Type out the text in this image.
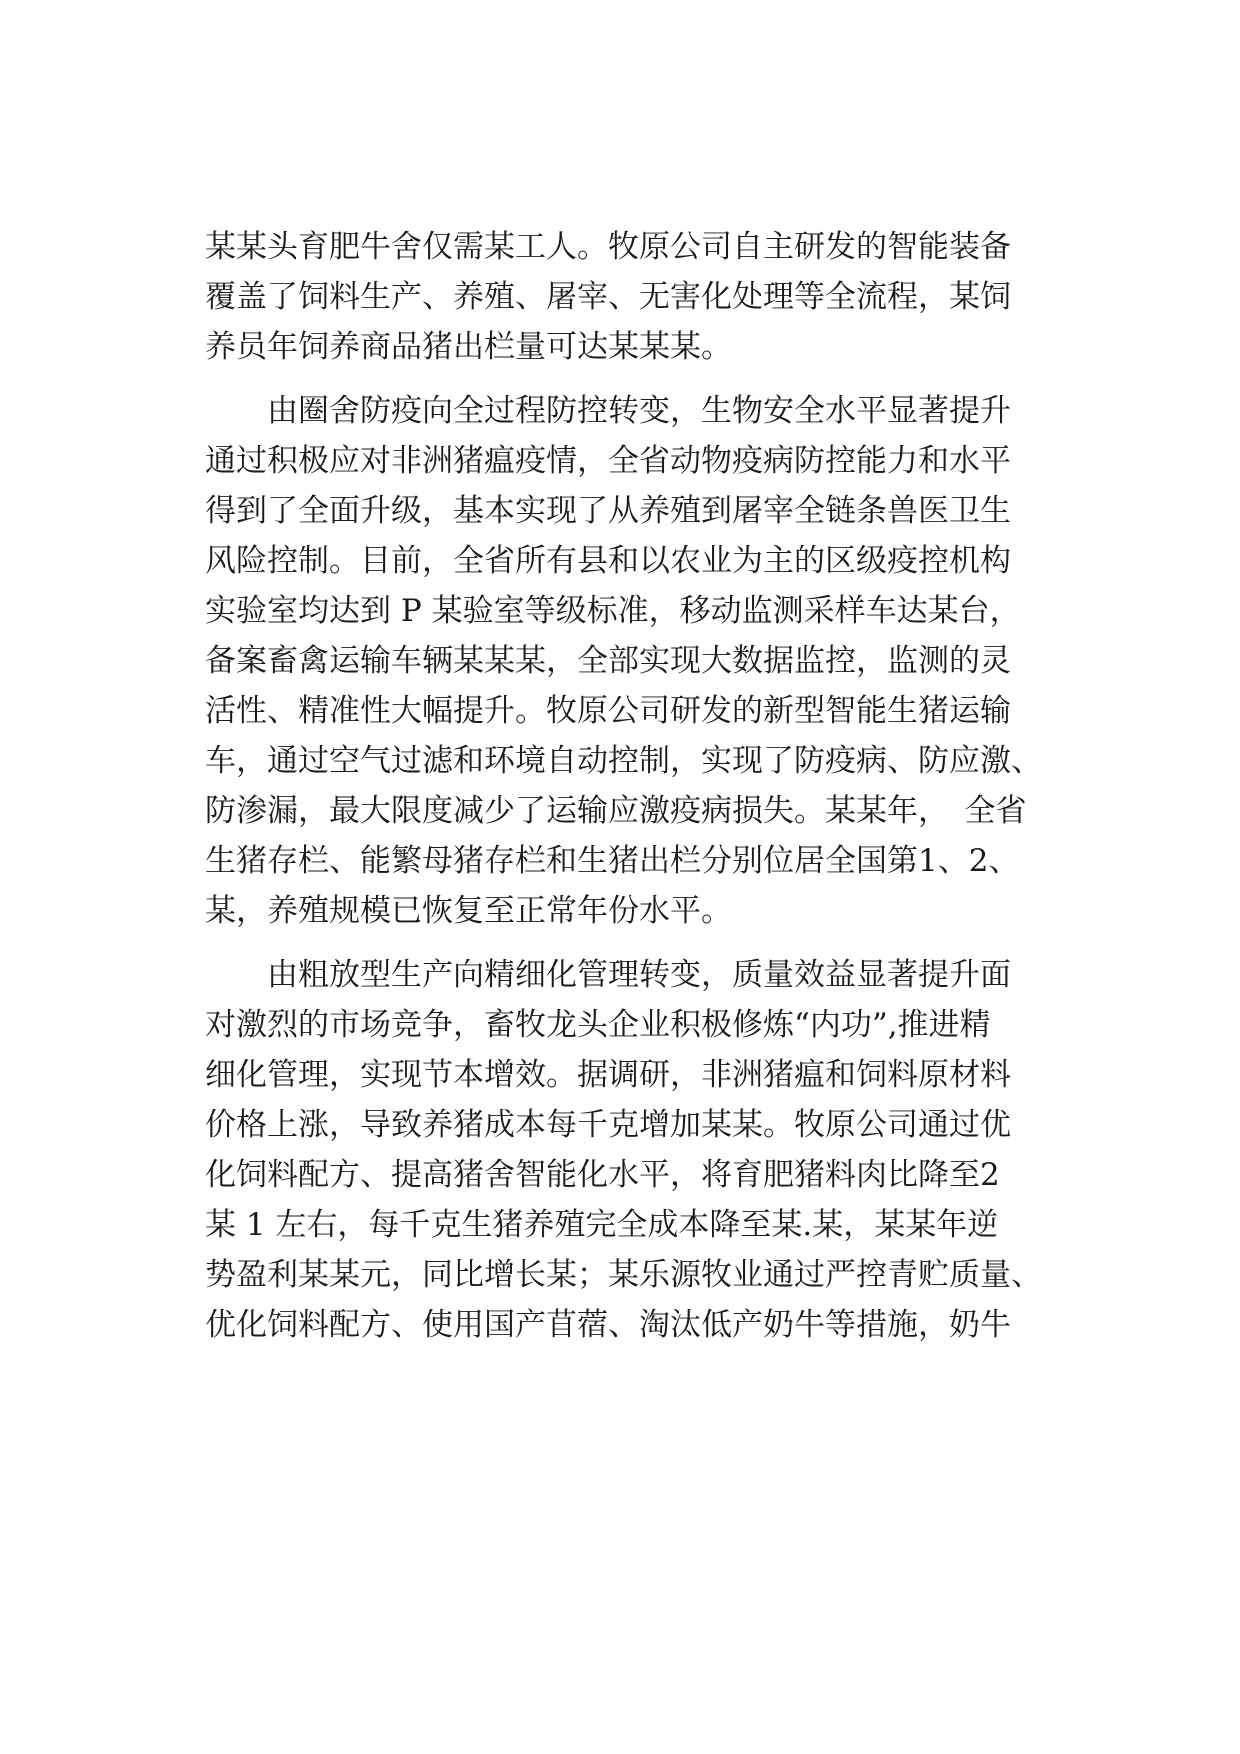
某某头育肥牛舍仅需某工人。牧原公司自主研发的智能装备
覆盖了饲料生产、养殖、屠宰、无害化处理等全流程，某饲
养员年饲养商品猪出栏量可达某某某。
　　由圈舍防疫向全过程防控转变，生物安全水平显著提升
通过积极应对非洲猪瘟疫情，全省动物疫病防控能力和水平
得到了全面升级，基本实现了从养殖到屠宰全链条兽医卫生
风险控制。目前，全省所有县和以农业为主的区级疫控机构
实验室均达到 P 某验室等级标准，移动监测采样车达某台，
备案畜禽运输车辆某某某，全部实现大数据监控，监测的灵
活性、精准性大幅提升。牧原公司研发的新型智能生猪运输
车，通过空气过滤和环境自动控制，实现了防疫病、防应激、
防渗漏，最大限度减少了运输应激疫病损失。某某年，　全省
生猪存栏、能繁母猪存栏和生猪出栏分别位居全国第1、2、
某，养殖规模已恢复至正常年份水平。
　　由粗放型生产向精细化管理转变，质量效益显著提升面
对激烈的市场竞争，畜牧龙头企业积极修炼“内功”,推进精
细化管理，实现节本增效。据调研，非洲猪瘟和饲料原材料
价格上涨，导致养猪成本每千克增加某某。牧原公司通过优
化饲料配方、提高猪舍智能化水平，将育肥猪料肉比降至2
某 1 左右，每千克生猪养殖完全成本降至某.某，某某年逆
势盈利某某元，同比增长某；某乐源牧业通过严控青贮质量、
优化饲料配方、使用国产苜蓿、淘汰低产奶牛等措施，奶牛
